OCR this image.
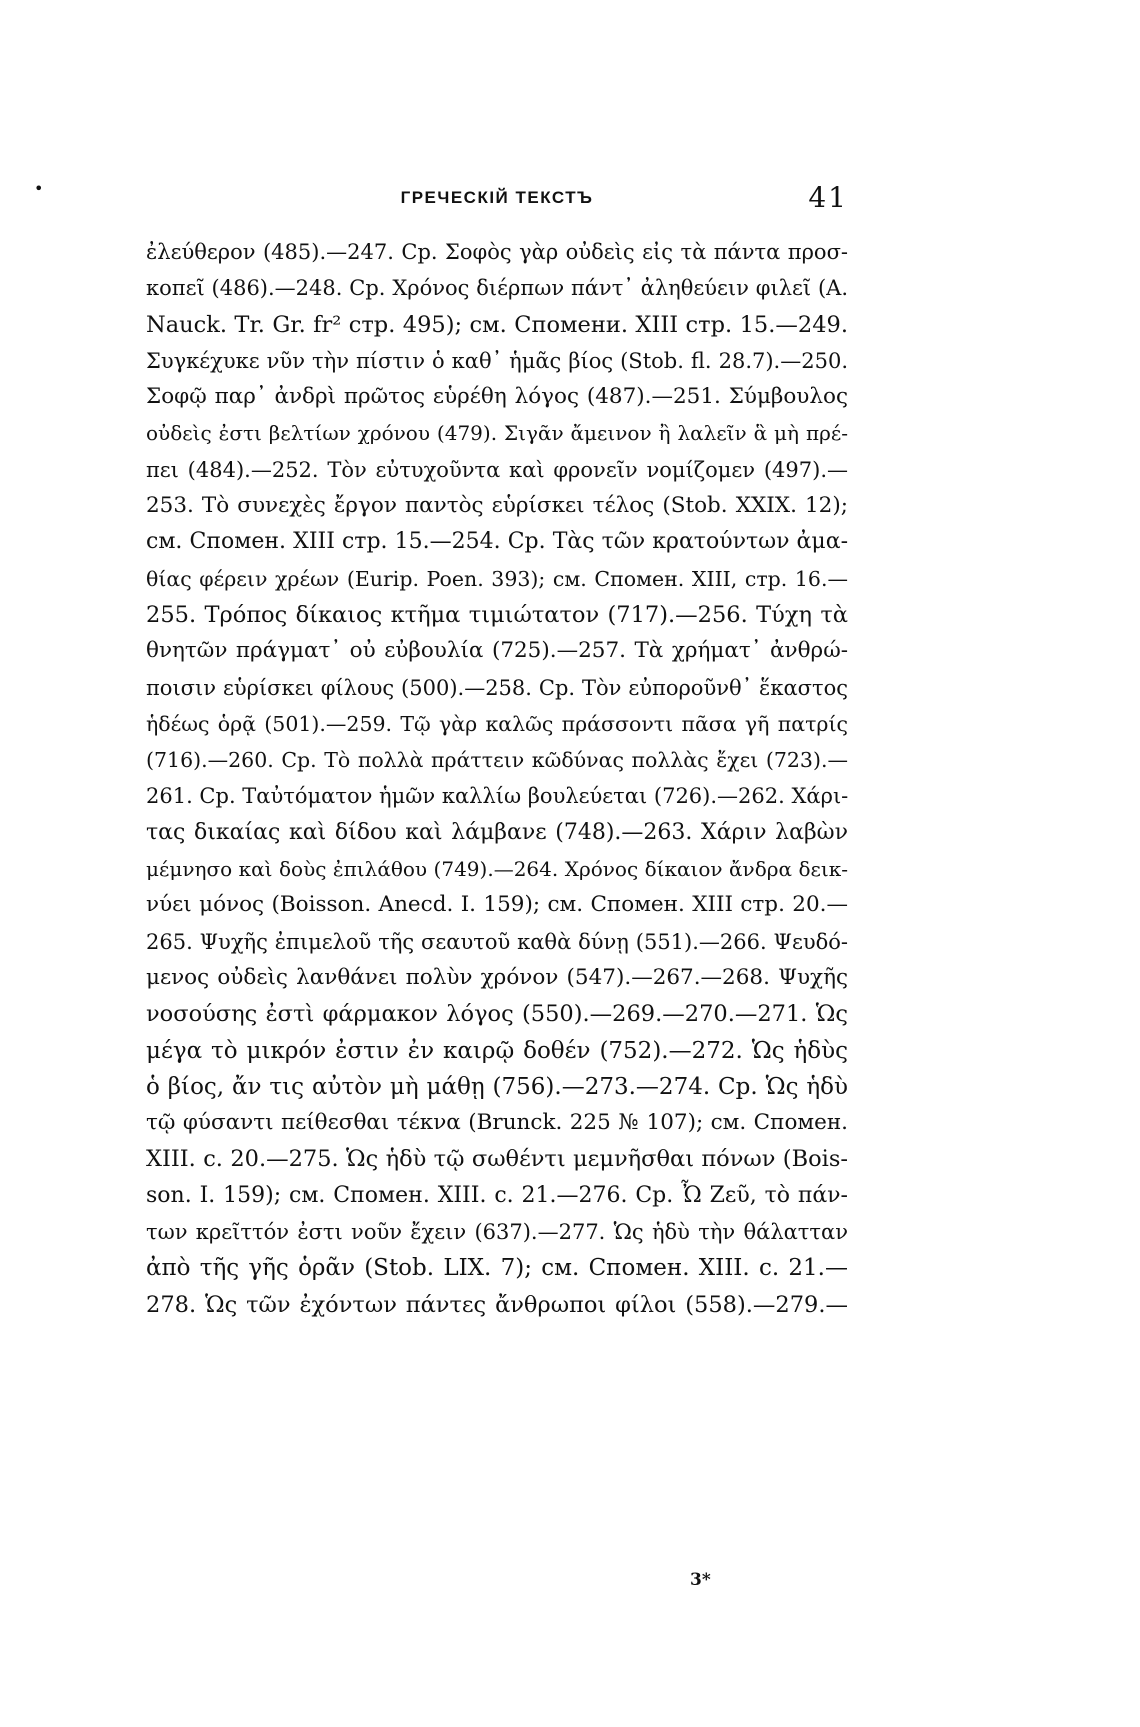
•	ГРЕЧЕСКІЙ ТЕКСТЪ	41
ἐλεύθερον (485).—247. Ср. Σοφὸς γὰρ οὐδεὶς εἰς τὰ πάντα προσ-
κοπεῖ (486).—248. Ср. Χρόνος διέρπων πάντ᾽ ἀληθεύειν φιλεῖ (A.
Nauck. Tr. Gr. fr² стр. 495); см. Спомени. XIII стр. 15.—249.
Συγκέχυκε νῦν τὴν πίστιν ὁ καθ᾽ ἡμᾶς βίος (Stob. fl. 28.7).—250.
Σοφῷ παρ᾽ ἀνδρὶ πρῶτος εὑρέθη λόγος (487).—251. Σύμβουλος
οὐδεὶς ἐστι βελτίων χρόνου (479). Σιγᾶν ἄμεινον ἢ λαλεῖν ἃ μὴ πρέ-
πει (484).—252. Τὸν εὐτυχοῦντα καὶ φρονεῖν νομίζομεν (497).—
253. Τὸ συνεχὲς ἔργον παντὸς εὑρίσκει τέλος (Stob. XXIX. 12);
см. Спомен. XIII стр. 15.—254. Ср. Τὰς τῶν κρατούντων ἀμα-
θίας φέρειν χρέων (Eurip. Poen. 393); см. Спомен. XIII, стр. 16.—
255. Τρόπος δίκαιος κτῆμα τιμιώτατον (717).—256. Τύχη τὰ
θνητῶν πράγματ᾽ οὐ εὐβουλία (725).—257. Τὰ χρήματ᾽ ἀνθρώ-
ποισιν εὑρίσκει φίλους (500).—258. Ср. Τὸν εὐποροῦνθ᾽ ἕκαστος
ἡδέως ὁρᾷ (501).—259. Τῷ γὰρ καλῶς πράσσοντι πᾶσα γῆ πατρίς
(716).—260. Ср. Τὸ πολλὰ πράττειν κῶδύνας πολλὰς ἔχει (723).—
261. Ср. Ταὐτόματον ἡμῶν καλλίω βουλεύεται (726).—262. Χάρι-
τας δικαίας καὶ δίδου καὶ λάμβανε (748).—263. Χάριν λαβὼν
μέμνησο καὶ δοὺς ἐπιλάθου (749).—264. Χρόνος δίκαιον ἄνδρα δεικ-
νύει μόνος (Boisson. Anecd. I. 159); см. Спомен. XIII стр. 20.—
265. Ψυχῆς ἐπιμελοῦ τῆς σεαυτοῦ καθὰ δύνῃ (551).—266. Ψευδό-
μενος οὐδεὶς λανθάνει πολὺν χρόνον (547).—267.—268. Ψυχῆς
νοσούσης ἐστὶ φάρμακον λόγος (550).—269.—270.—271. Ὡς
μέγα τὸ μικρόν ἐστιν ἐν καιρῷ δοθέν (752).—272. Ὡς ἡδὺς
ὁ βίος, ἄν τις αὐτὸν μὴ μάθῃ (756).—273.—274. Ср. Ὡς ἡδὺ
τῷ φύσαντι πείθεσθαι τέκνα (Brunck. 225 № 107); см. Спомен.
XIII. c. 20.—275. Ὡς ἡδὺ τῷ σωθέντι μεμνῆσθαι πόνων (Bois-
son. I. 159); см. Спомен. XIII. c. 21.—276. Ср. Ὦ Ζεῦ, τὸ πάν-
των κρεῖττόν ἐστι νοῦν ἔχειν (637).—277. Ὡς ἡδὺ τὴν θάλατταν
ἀπὸ τῆς γῆς ὁρᾶν (Stob. LIX. 7); см. Спомен. XIII. c. 21.—
278. Ὡς τῶν ἐχόντων πάντες ἄνθρωποι φίλοι (558).—279.—
3*
